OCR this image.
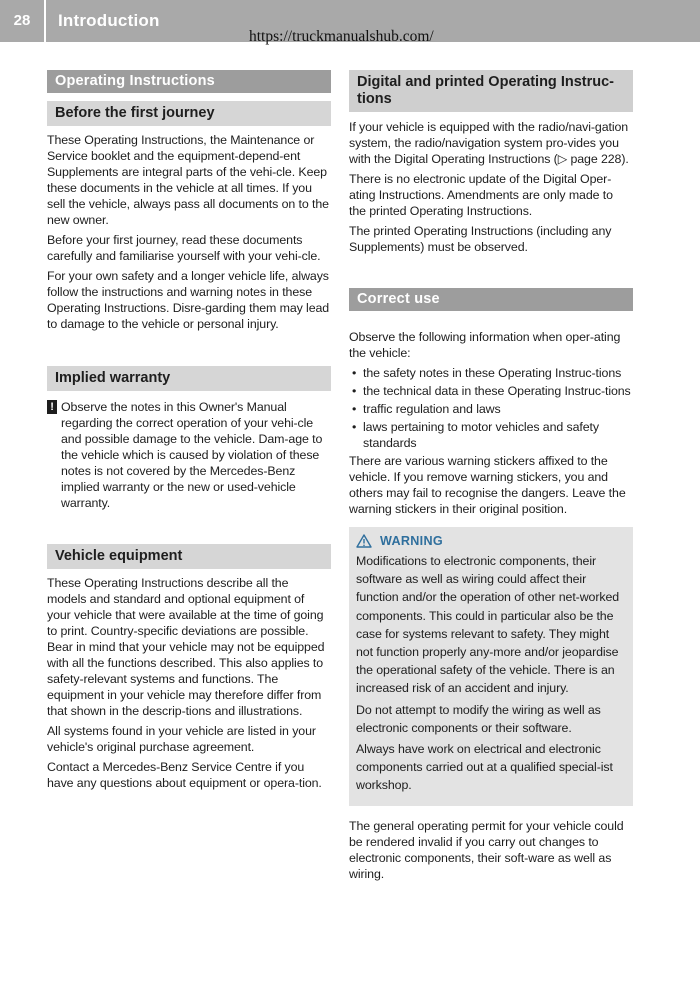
28	Introduction
https://truckmanualshub.com/
Operating Instructions
Before the first journey

These Operating Instructions, the Maintenance or Service booklet and the equipment-depend-ent Supplements are integral parts of the vehi-cle. Keep these documents in the vehicle at all times. If you sell the vehicle, always pass all documents on to the new owner.

Before your first journey, read these documents carefully and familiarise yourself with your vehi-cle.

For your own safety and a longer vehicle life, always follow the instructions and warning notes in these Operating Instructions. Disre-garding them may lead to damage to the vehicle or personal injury.

Implied warranty
! Observe the notes in this Owner's Manual regarding the correct operation of your vehi-cle and possible damage to the vehicle. Dam-age to the vehicle which is caused by violation of these notes is not covered by the Mercedes-Benz implied warranty or the new or used-vehicle warranty.
Vehicle equipment

These Operating Instructions describe all the models and standard and optional equipment of your vehicle that were available at the time of going to print. Country-specific deviations are possible. Bear in mind that your vehicle may not be equipped with all the functions described. This also applies to safety-relevant systems and functions. The equipment in your vehicle may therefore differ from that shown in the descrip-tions and illustrations.

All systems found in your vehicle are listed in your vehicle's original purchase agreement.

Contact a Mercedes-Benz Service Centre if you have any questions about equipment or opera-tion.

Digital and printed Operating Instruc-tions

If your vehicle is equipped with the radio/navi-gation system, the radio/navigation system pro-vides you with the Digital Operating Instructions (▷ page 228).

There is no electronic update of the Digital Oper-ating Instructions. Amendments are only made to the printed Operating Instructions.

The printed Operating Instructions (including any Supplements) must be observed.

Correct use

Observe the following information when oper-ating the vehicle:

• the safety notes in these Operating Instruc-tions
• the technical data in these Operating Instruc-tions
• traffic regulation and laws
• laws pertaining to motor vehicles and safety standards

There are various warning stickers affixed to the vehicle. If you remove warning stickers, you and others may fail to recognise the dangers. Leave the warning stickers in their original position.

WARNING

Modifications to electronic components, their software as well as wiring could affect their function and/or the operation of other net-worked components. This could in particular also be the case for systems relevant to safety. They might not function properly any-more and/or jeopardise the operational safety of the vehicle. There is an increased risk of an accident and injury.

Do not attempt to modify the wiring as well as electronic components or their software.

Always have work on electrical and electronic components carried out at a qualified special-ist workshop.

The general operating permit for your vehicle could be rendered invalid if you carry out changes to electronic components, their soft-ware as well as wiring.
